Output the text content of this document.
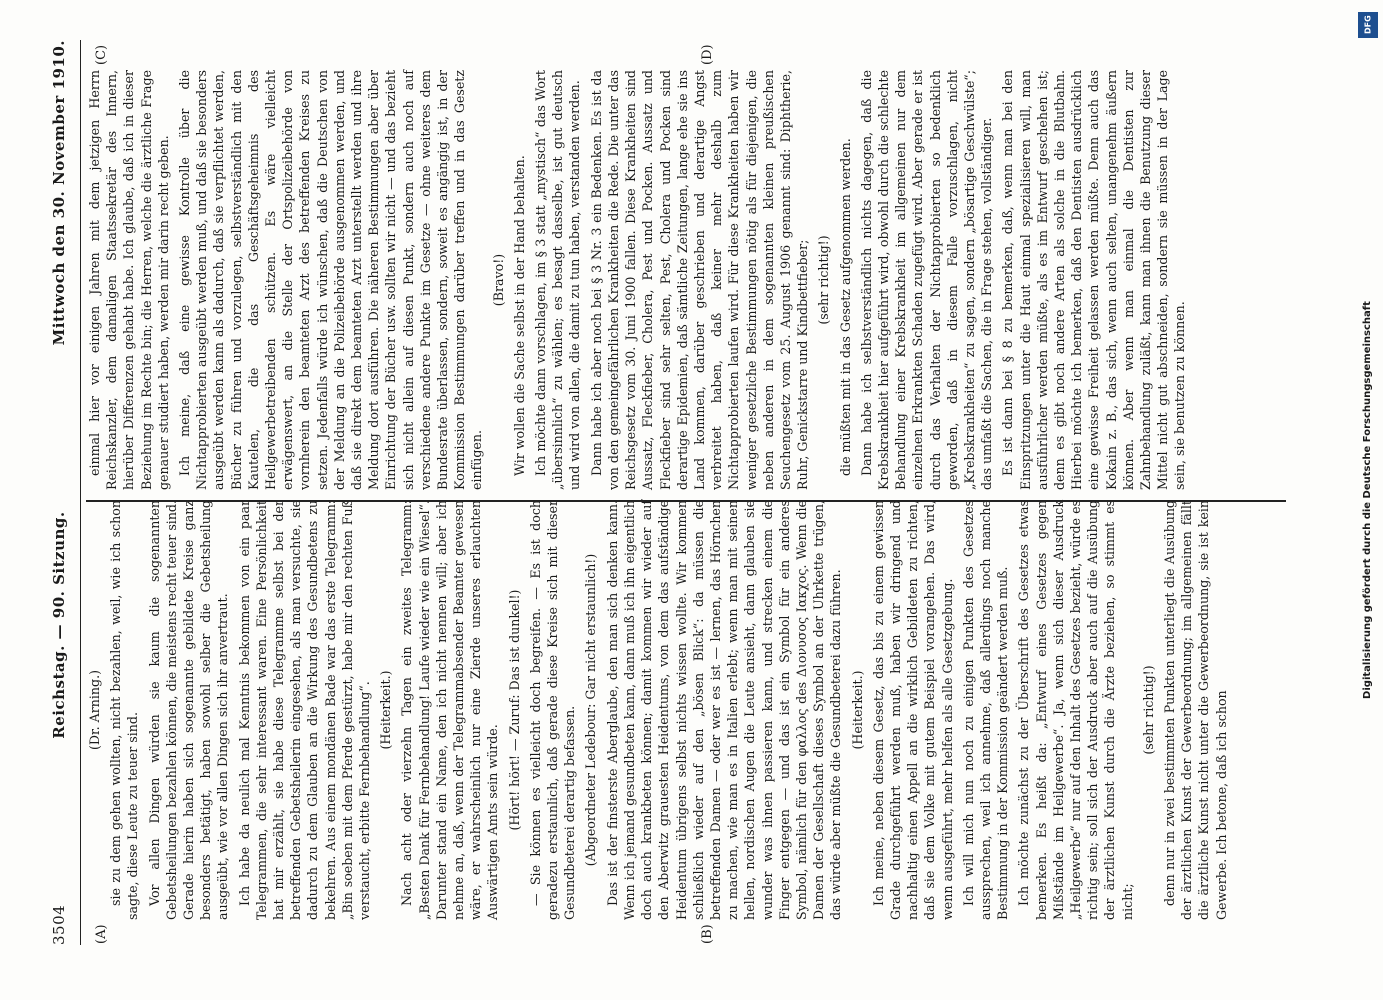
3504
Reichstag. — 90. Sitzung.
Mittwoch den 30. November 1910.
(A)	(B)
(C)	(D)

(Dr. Arning.) sie zu dem gehen wollten, nicht bezahlen, weil, wie ich schon sagte, diese Leute zu teuer sind. Vor allen Dingen würden sie kaum die sogenannten Gebetsheilungen bezahlen können, die meistens recht teuer sind. Gerade hierin haben sich sogenannte gebildete Kreise ganz besonders betätigt, haben sowohl selber die Gebetsheilung ausgeübt, wie vor allen Dingen sich ihr anvertraut. Ich habe da neulich mal Kenntnis bekommen von ein paar Telegrammen, die sehr interessant waren. Eine Persönlichkeit hat mir erzählt, sie habe diese Telegramme selbst bei der betreffenden Gebetsheilerin eingesehen, als man versuchte, sie dadurch zu dem Glauben an die Wirkung des Gesundbetens zu bekehren. Aus einem mondänen Bade war das erste Telegramm: „Bin soeben mit dem Pferde gestürzt, habe mir den rechten Fuß verstaucht, erbitte Fernbehandlung“. (Heiterkeit.) Nach acht oder vierzehn Tagen ein zweites Telegramm: „Besten Dank für Fernbehandlung! Laufe wieder wie ein Wiesel“. Darunter stand ein Name, den ich nicht nennen will; aber ich nehme an, daß, wenn der Telegrammabsender Beamter gewesen wäre, er wahrscheinlich nur eine Zierde unseres erlauchten Auswärtigen Amts sein würde. (Hört! hört! — Zuruf: Das ist dunkel!) — Sie können es vielleicht doch begreifen. — Es ist doch geradezu erstaunlich, daß gerade diese Kreise sich mit dieser Gesundbeterei derartig befassen. (Abgeordneter Ledebour: Gar nicht erstaunlich!) Das ist der finsterste Aberglaube, den man sich denken kann. Wenn ich jemand gesundbeten kann, dann muß ich ihn eigentlich doch auch krankbeten können; damit kommen wir wieder auf den Aberwitz grauesten Heidentums, von dem das aufständige Heidentum übrigens selbst nichts wissen wollte. Wir kommen schließlich wieder auf den „bösen Blick“: da müssen die betreffenden Damen — oder wer es ist — lernen, das Hörnchen zu machen, wie man es in Italien erlebt; wenn man mit seinen hellen, nordischen Augen die Leute ansieht, dann glauben sie wunder was ihnen passieren kann, und strecken einem die Finger entgegen — und das ist ein Symbol für ein anderes Symbol, nämlich für den φαλλος des Διονυσος Ιακχος. Wenn die Damen der Gesellschaft dieses Symbol an der Uhrkette trügen, das würde aber müßte die Gesundbeterei dazu führen. (Heiterkeit.) Ich meine, neben diesem Gesetz, das bis zu einem gewissen Grade durchgeführt werden muß, haben wir dringend und nachhaltig einen Appell an die wirklich Gebildeten zu richten, daß sie dem Volke mit gutem Beispiel vorangehen. Das wird, wenn ausgeführt, mehr helfen als alle Gesetzgebung. Ich will mich nun noch zu einigen Punkten des Gesetzes aussprechen, weil ich annehme, daß allerdings noch manche Bestimmung in der Kommission geändert werden muß. Ich möchte zunächst zu der Überschrift des Gesetzes etwas bemerken. Es heißt da: „Entwurf eines Gesetzes gegen Mißstände im Heilgewerbe“. Ja, wenn sich dieser Ausdruck „Heilgewerbe“ nur auf den Inhalt des Gesetzes bezieht, würde es richtig sein; soll sich der Ausdruck aber auch auf die Ausübung der ärztlichen Kunst durch die Ärzte beziehen, so stimmt es nicht;

(sehr richtig!) denn nur in zwei bestimmten Punkten unterliegt die Ausübung der ärztlichen Kunst der Gewerbeordnung; im allgemeinen fällt die ärztliche Kunst nicht unter die Gewerbeordnung, sie ist kein Gewerbe. Ich betone, daß ich schon

einmal hier vor einigen Jahren mit dem jetzigen Herrn Reichskanzler, dem damaligen Staatssekretär des Innern, hierüber Differenzen gehabt habe. Ich glaube, daß ich in dieser Beziehung im Rechte bin; die Herren, welche die ärztliche Frage genauer studiert haben, werden mir darin recht geben. Ich meine, daß eine gewisse Kontrolle über die Nichtapprobierten ausgeübt werden muß, und daß sie besonders ausgeübt werden kann als dadurch, daß sie verpflichtet werden, Bücher zu führen und vorzulegen, selbstverständlich mit den Kautelen, die das Geschäftsgeheimnis des Heilgewerbetreibenden schützen. Es wäre vielleicht erwägenswert, an die Stelle der Ortspolizeibehörde von vornherein den beamteten Arzt des betreffenden Kreises zu setzen. Jedenfalls würde ich wünschen, daß die Deutschen von der Meldung an die Polizeibehörde ausgenommen werden, und daß sie direkt dem beamteten Arzt unterstellt werden und ihre Meldung dort ausführen. Die näheren Bestimmungen aber über Einrichtung der Bücher usw. sollten wir nicht — und das bezieht sich nicht allein auf diesen Punkt, sondern auch noch auf verschiedene andere Punkte im Gesetze — ohne weiteres dem Bundesrate überlassen, sondern, soweit es angängig ist, in der Kommission Bestimmungen darüber treffen und in das Gesetz einfügen.

(Bravo!) Wir wollen die Sache selbst in der Hand behalten. Ich möchte dann vorschlagen, im § 3 statt „mystisch“ das Wort „übersinnlich“ zu wählen; es besagt dasselbe, ist gut deutsch und wird von allen, die damit zu tun haben, verstanden werden. Dann habe ich aber noch bei § 3 Nr. 3 ein Bedenken. Es ist da von den gemeingefährlichen Krankheiten die Rede. Die unter das Reichsgesetz vom 30. Juni 1900 fallen. Diese Krankheiten sind Aussatz, Fleckfieber, Cholera, Pest und Pocken. Aussatz und Fleckfieber sind sehr selten, Pest, Cholera und Pocken sind derartige Epidemien, daß sämtliche Zeitungen, lange ehe sie ins Land kommen, darüber geschrieben und derartige Angst verbreitet haben, daß keiner mehr deshalb zum Nichtapprobierten laufen wird. Für diese Krankheiten haben wir weniger gesetzliche Bestimmungen nötig als für diejenigen, die neben anderen in dem sogenannten kleinen preußischen Seuchengesetz vom 25. August 1906 genannt sind: Diphtherie, Ruhr, Genickstarre und Kindbettfieber; (sehr richtig!) die müßten mit in das Gesetz aufgenommen werden. Dann habe ich selbstverständlich nichts dagegen, daß die Krebskrankheit hier aufgeführt wird, obwohl durch die schlechte Behandlung einer Krebskrankheit im allgemeinen nur dem einzelnen Erkrankten Schaden zugefügt wird. Aber gerade er ist durch das Verhalten der Nichtapprobierten so bedenklich geworden, daß in diesem Falle vorzuschlagen, nicht „Krebskrankheiten“ zu sagen, sondern „bösartige Geschwülste“; das umfaßt die Sachen, die in Frage stehen, vollständiger. Es ist dann bei § 8 zu bemerken, daß, wenn man bei den Einspritzungen unter die Haut einmal spezialisieren will, man ausführlicher werden müßte, als es im Entwurf geschehen ist; denn es gibt noch andere Arten als solche in die Blutbahn. Hierbei möchte ich bemerken, daß den Dentisten ausdrücklich eine gewisse Freiheit gelassen werden müßte. Denn auch das Kokain z. B., das sich, wenn auch selten, unangenehm äußern können. Aber wenn man einmal die Dentisten zur Zahnbehandlung zuläßt, kann man ihnen die Benutzung dieser Mittel nicht gut abschneiden, sondern sie müssen in der Lage sein, sie benutzen zu können.

DFG
Digitalisierung gefördert durch die Deutsche Forschungsgemeinschaft
